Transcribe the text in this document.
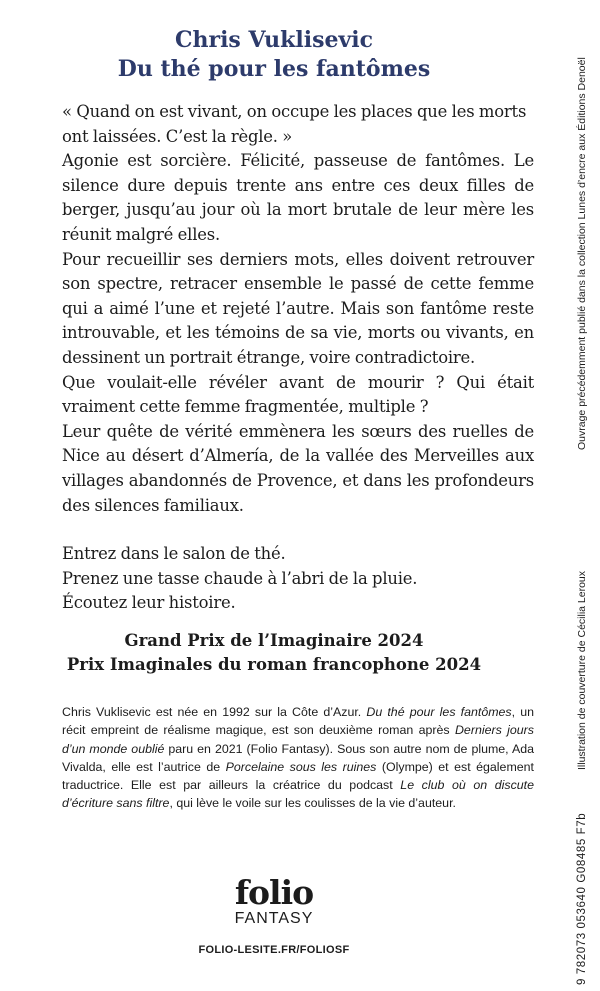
Chris Vuklisevic
Du thé pour les fantômes

« Quand on est vivant, on occupe les places que les morts

ont laissées. C’est la règle. »

Agonie est sorcière. Félicité, passeuse de fantômes. Le silence dure depuis trente ans entre ces deux filles de berger, jusqu’au jour où la mort brutale de leur mère les réunit malgré elles.

Pour recueillir ses derniers mots, elles doivent retrouver son spectre, retracer ensemble le passé de cette femme qui a aimé l’une et rejeté l’autre. Mais son fantôme reste introuvable, et les témoins de sa vie, morts ou vivants, en dessinent un portrait étrange, voire contradictoire.

Que voulait-elle révéler avant de mourir ? Qui était vraiment cette femme fragmentée, multiple ?

Leur quête de vérité emmènera les sœurs des ruelles de Nice au désert d’Almería, de la vallée des Merveilles aux villages abandonnés de Provence, et dans les profondeurs des silences familiaux.

Entrez dans le salon de thé.

Prenez une tasse chaude à l’abri de la pluie.

Écoutez leur histoire.

Grand Prix de l’Imaginaire 2024
Prix Imaginales du roman francophone 2024

Chris Vuklisevic est née en 1992 sur la Côte d’Azur. Du thé pour les fantômes, un récit empreint de réalisme magique, est son deuxième roman après Derniers jours d’un monde oublié paru en 2021 (Folio Fantasy). Sous son autre nom de plume, Ada Vivalda, elle est l’autrice de Porcelaine sous les ruines (Olympe) et est également traductrice. Elle est par ailleurs la créatrice du podcast Le club où on discute d’écriture sans filtre, qui lève le voile sur les coulisses de la vie d’auteur.

folio
FANTASY
FOLIO-LESITE.FR/FOLIOSF
Ouvrage précédemment publié dans la collection Lunes d’encre aux Éditions Denoël
Illustration de couverture de Cécilia Leroux
9 782073 053640 G08485 F7b
